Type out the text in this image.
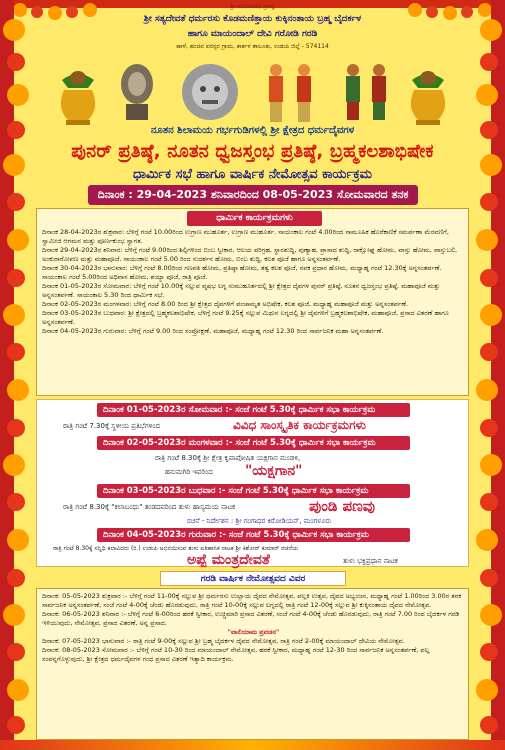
ಶ್ರೀ ಮಂಜುನಾಥ ಪ್ರಸನ್ನ
ಶ್ರೀ ಸತ್ಯದೇವತೆ ಧರ್ಮರಸು ಕೊಡಮಣಿತ್ತಾಯ ಕುಕ್ಕಿನಂತಾಯ ಬ್ರಹ್ಮ ಬೈದರ್ಕಳ
ಹಾಗೂ ಮಾಯಂದಾಲ್ ದೇವಿ ಗರೋಡಿ ಗರಡಿ
ಹಾಳೆ, ಹಂಚಿನ ಪರಸ್ಪರ ಗ್ರಾಮ, ಕಾರ್ಕಳ ತಾಲೂಕು, ಉಡುಪಿ ಜಿಲ್ಲೆ - 574114
ನೂತನ ಶಿಲಾಮಯ ಗರ್ಭಗುಡಿಗಳಲ್ಲಿ ಶ್ರೀ ಕ್ಷೇತ್ರದ ಧರ್ಮದೈವಗಳ
ಪುನರ್ ಪ್ರತಿಷ್ಠೆ, ನೂತನ ಧ್ವಜಸ್ತಂಭ ಪ್ರತಿಷ್ಠೆ, ಬ್ರಹ್ಮಕಲಶಾಭಿಷೇಕ
ಧಾರ್ಮಿಕ ಸಭೆ ಹಾಗೂ ವಾರ್ಷಿಕ ನೇಮೋತ್ಸವ ಕಾರ್ಯಕ್ರಮ
ದಿನಾಂಕ : 29-04-2023 ಶನಿವಾರದಿಂದ 08-05-2023 ಸೋಮವಾರದ ತನಕ
ಧಾರ್ಮಿಕ ಕಾರ್ಯಕ್ರಮಗಳು

ದಿನಾಂಕ 28-04-2023ರ ಶುಕ್ರವಾರ: ಬೆಳಿಗ್ಗೆ ಗಂಟೆ 10.00ರಿಂದ ಉಗ್ರಾಣ ಮುಹೂರ್ತ, ಉಗ್ರಾಣ ಮುಹೂರ್ತ. ಸಾಯಂಕಾಲ ಗಂಟೆ 4.00ರಿಂದ ಸಾಮೂಹಿಕ ಹೊರೆಕಾಣಿಕೆ ಸಮರ್ಪಣಾ ಮೆರವಣಿಗೆ, ಸ್ವಾಮೀಜಿ ಆಗಮನ ಮತ್ತು ಪೂರ್ಣಕುಂಭ ಸ್ವಾಗತ.

ದಿನಾಂಕ 29-04-2023ರ ಶನಿವಾರ: ಬೆಳಿಗ್ಗೆ ಗಂಟೆ 9.00ರಿಂದ ಶಿಲ್ಪಿಗಳಿಂದ ಬಿಂಬ ಸ್ವೀಕಾರ, ಆಲಯ ಪರಿಗ್ರಹ, ಸ್ಥಾನಶುದ್ಧಿ, ಪುಣ್ಯಾಹ, ಪ್ರಾಸಾದ ಶುದ್ಧಿ, ರಾಕ್ಷೋಘ್ನ ಹೋಮ, ವಾಸ್ತು ಹೋಮ, ವಾಸ್ತುಬಲಿ, ಅಂಕುರಾರೋಪಣ ಮತ್ತು ಮಹಾಪೂಜೆ. ಸಾಯಂಕಾಲ ಗಂಟೆ 5.00 ರಿಂದ ಸುದರ್ಶನ ಹೋಮ, ಬಿಂಬ ಶುದ್ಧಿ, ಕಲಶ ಪೂಜೆ ಹಾಗೂ ಅನ್ನಸಂತರ್ಪಣೆ.

ದಿನಾಂಕ 30-04-2023ರ ಭಾನುವಾರ: ಬೆಳಿಗ್ಗೆ ಗಂಟೆ 8.00ರಿಂದ ಗಣಪತಿ ಹೋಮ, ಪ್ರತಿಷ್ಠಾ ಹೋಮ, ತತ್ವ ಕಲಶ ಪೂಜೆ, ನವಕ ಪ್ರಧಾನ ಹೋಮ, ಮಧ್ಯಾಹ್ನ ಗಂಟೆ 12.30ಕ್ಕೆ ಅನ್ನಸಂತರ್ಪಣೆ. ಸಾಯಂಕಾಲ ಗಂಟೆ 5.00ರಿಂದ ಅಧಿವಾಸ ಹೋಮ, ಶಯ್ಯಾ ಪೂಜೆ, ರಾತ್ರಿ ಪೂಜೆ.

ದಿನಾಂಕ 01-05-2023ರ ಸೋಮವಾರ: ಬೆಳಿಗ್ಗೆ ಗಂಟೆ 10.00ಕ್ಕೆ ಸಲ್ಲುವ ವೃಷಭ ಲಗ್ನ ಸುಮುಹೂರ್ತದಲ್ಲಿ ಶ್ರೀ ಕ್ಷೇತ್ರದ ದೈವಗಳ ಪುನರ್ ಪ್ರತಿಷ್ಠೆ, ನೂತನ ಧ್ವಜಸ್ತಂಭ ಪ್ರತಿಷ್ಠೆ, ಮಹಾಪೂಜೆ ಮತ್ತು ಅನ್ನಸಂತರ್ಪಣೆ. ಸಾಯಂಕಾಲ 5.30 ರಿಂದ ಧಾರ್ಮಿಕ ಸಭೆ.

ದಿನಾಂಕ 02-05-2023ರ ಮಂಗಳವಾರ: ಬೆಳಿಗ್ಗೆ ಗಂಟೆ 8.00 ರಿಂದ ಶ್ರೀ ಕ್ಷೇತ್ರದ ದೈವಗಳಿಗೆ ಪಂಚಾಮೃತ ಅಭಿಷೇಕ, ಕಲಶ ಪೂಜೆ, ಮಧ್ಯಾಹ್ನ ಮಹಾಪೂಜೆ ಮತ್ತು ಅನ್ನಸಂತರ್ಪಣೆ.

ದಿನಾಂಕ 03-05-2023ರ ಬುಧವಾರ: ಶ್ರೀ ಕ್ಷೇತ್ರದಲ್ಲಿ ಬ್ರಹ್ಮಕಲಶಾಭಿಷೇಕ, ಬೆಳಿಗ್ಗೆ ಗಂಟೆ 9.25ಕ್ಕೆ ಸಲ್ಲುವ ಮಿಥುನ ಲಗ್ನದಲ್ಲಿ ಶ್ರೀ ದೈವಗಳಿಗೆ ಬ್ರಹ್ಮಕಲಶಾಭಿಷೇಕ, ಮಹಾಪೂಜೆ, ಪ್ರಸಾದ ವಿತರಣೆ ಹಾಗೂ ಅನ್ನಸಂತರ್ಪಣೆ.

ದಿನಾಂಕ 04-05-2023ರ ಗುರುವಾರ: ಬೆಳಿಗ್ಗೆ ಗಂಟೆ 9.00 ರಿಂದ ಸಂಪ್ರೋಕ್ಷಣೆ, ಮಹಾಪೂಜೆ, ಮಧ್ಯಾಹ್ನ ಗಂಟೆ 12.30 ರಿಂದ ಸಾರ್ವಜನಿಕ ಮಹಾ ಅನ್ನಸಂತರ್ಪಣೆ.

ದಿನಾಂಕ 01-05-2023ರ ಸೋಮವಾರ :- ಸಂಜೆ ಗಂಟೆ 5.30ಕ್ಕೆ ಧಾರ್ಮಿಕ ಸಭಾ ಕಾರ್ಯಕ್ರಮ
ರಾತ್ರಿ ಗಂಟೆ 7.30ಕ್ಕೆ ಸ್ಥಳೀಯ ಪ್ರತಿಭೆಗಳಿಂದ	ವಿವಿಧ ಸಾಂಸ್ಕೃತಿಕ ಕಾರ್ಯಕ್ರಮಗಳು
ದಿನಾಂಕ 02-05-2023ರ ಮಂಗಳವಾರ :- ಸಂಜೆ ಗಂಟೆ 5.30ಕ್ಕೆ ಧಾರ್ಮಿಕ ಸಭಾ ಕಾರ್ಯಕ್ರಮ
ರಾತ್ರಿ ಗಂಟೆ 8.30ಕ್ಕೆ ಶ್ರೀ ಕ್ಷೇತ್ರ ಕೃಪಾಪೋಷಿತ ಯಕ್ಷಗಾನ ಮಂಡಳಿ,
ಹನುಮಗಿರಿ ಇವರಿಂದ "ಯಕ್ಷಗಾನ"
ದಿನಾಂಕ 03-05-2023ರ ಬುಧವಾರ :- ಸಂಜೆ ಗಂಟೆ 5.30ಕ್ಕೆ ಧಾರ್ಮಿಕ ಸಭಾ ಕಾರ್ಯಕ್ರಮ
ರಾತ್ರಿ ಗಂಟೆ 8.30ಕ್ಕೆ "ಕಲಾಬಂಧು" ತಂಡದವರಿಂದ ತುಳು ಹಾಸ್ಯಮಯ ನಾಟಕ	ಪುಂಡಿ ಪಣವು
ರಚನೆ - ನಿರ್ದೇಶನ : ಶ್ರೀ ಗಂಗಾಧರ ಕಿರೋಡಿಯನ್, ಮಂಗಳೂರು
ದಿನಾಂಕ 04-05-2023ರ ಗುರುವಾರ :- ಸಂಜೆ ಗಂಟೆ 5.30ಕ್ಕೆ ಧಾರ್ಮಿಕ ಸಭಾ ಕಾರ್ಯಕ್ರಮ
ರಾತ್ರಿ ಗಂಟೆ 8.30ಕ್ಕೆ ಸನ್ನಿಧಿ ಕಲಾವಿದರು (ರಿ.) ಉಡುಪಿ ಅಭಿನಯಿಸುವ ತುಳು ಐತಿಹಾಸಿಕ ನಾಟಕ ಶ್ರೀ ಕಿಶೋರ್ ಕುಮಾರ್ ರಚನೆಯ
ಅಪ್ಪೆ ಮಂತ್ರದೇವತೆ	ತುಳು ಭಕ್ತಿಪ್ರಧಾನ ನಾಟಕ
ಗರಡಿ ವಾರ್ಷಿಕ ನೇಮೋತ್ಸವದ ವಿವರ

ದಿನಾಂಕ: 05-05-2023 ಶುಕ್ರವಾರ :- ಬೆಳಿಗ್ಗೆ ಗಂಟೆ 11-00ಕ್ಕೆ ಸಲ್ಲುವ ಶ್ರೀ ಧರ್ಮರಸು ಉಲ್ಲಾಯ ದೈವದ ನೇಮೋತ್ಸವ, ಪಲ್ಲಕಿ ಉತ್ಸವ, ದೈವದ ಅಭ್ಯಂಜನ, ಮಧ್ಯಾಹ್ನ ಗಂಟೆ 1.00ರಿಂದ 3.00ರ ತನಕ ಸಾರ್ವಜನಿಕ ಅನ್ನಸಂತರ್ಪಣೆ, ಸಂಜೆ ಗಂಟೆ 4-00ಕ್ಕೆ ಚೆಂಡು ಹೊರಡುವುದು, ರಾತ್ರಿ ಗಂಟೆ 10-00ಕ್ಕೆ ಸಲ್ಲುವ ಲಗ್ನದಲ್ಲಿ ರಾತ್ರಿ ಗಂಟೆ 12-00ಕ್ಕೆ ಸಲ್ಲುವ ಶ್ರೀ ಕುಕ್ಕಿನಂತಾಯ ದೈವದ ನೇಮೋತ್ಸವ.

ದಿನಾಂಕ: 06-05-2023 ಶನಿವಾರ :- ಬೆಳಿಗ್ಗೆ ಗಂಟೆ 6-00ರಿಂದ ಹರಕೆ ಸ್ವೀಕಾರ, ಉಚ್ಚಿಮಾರಿ ಪ್ರಸಾದ ವಿತರಣೆ, ಸಂಜೆ ಗಂಟೆ 4-00ಕ್ಕೆ ಚೆಂಡು ಹೊರಡುವುದು, ರಾತ್ರಿ ಗಂಟೆ 7.00 ರಿಂದ ಬೈದರ್ಕಳ ಗರಡಿ ಇಳಿಯುವುದು, ನೇಮೋತ್ಸವ, ಪ್ರಸಾದ ವಿತರಣೆ, ಅನ್ನ ಪ್ರಸಾದ.

"ವಾಲಿಯಾಮ ಪ್ರವಚನ"

ದಿನಾಂಕ: 07-05-2023 ಭಾನುವಾರ :- ರಾತ್ರಿ ಗಂಟೆ 9-00ಕ್ಕೆ ಸಲ್ಲುವ ಶ್ರೀ ಬ್ರಹ್ಮ ಬೈದರ್ಕಳ ದೈವದ ನೇಮೋತ್ಸವ, ರಾತ್ರಿ ಗಂಟೆ 2-00ಕ್ಕೆ ಮಾಯಂದಾಲ್ ದೇವಿಯ ನೇಮೋತ್ಸವ.

ದಿನಾಂಕ: 08-05-2023 ಸೋಮವಾರ :- ಬೆಳಿಗ್ಗೆ ಗಂಟೆ 10-30 ರಿಂದ ಮಾಯಂದಾಲ್ ನೇಮೋತ್ಸವ, ಹರಕೆ ಸ್ವೀಕಾರ, ಮಧ್ಯಾಹ್ನ ಗಂಟೆ 12-30 ರಿಂದ ಸಾರ್ವಜನಿಕ ಅನ್ನಸಂತರ್ಪಣೆ, ಪಲ್ಲ ಸಂಪನ್ನಗೊಳ್ಳುವುದು, ಶ್ರೀ ಕ್ಷೇತ್ರದ ಧರ್ಮದೈವಗಳ ಗಂಧ ಪ್ರಸಾದ ವಿತರಣೆ ಇತ್ಯಾದಿ ಕಾರ್ಯಕ್ರಮ.
